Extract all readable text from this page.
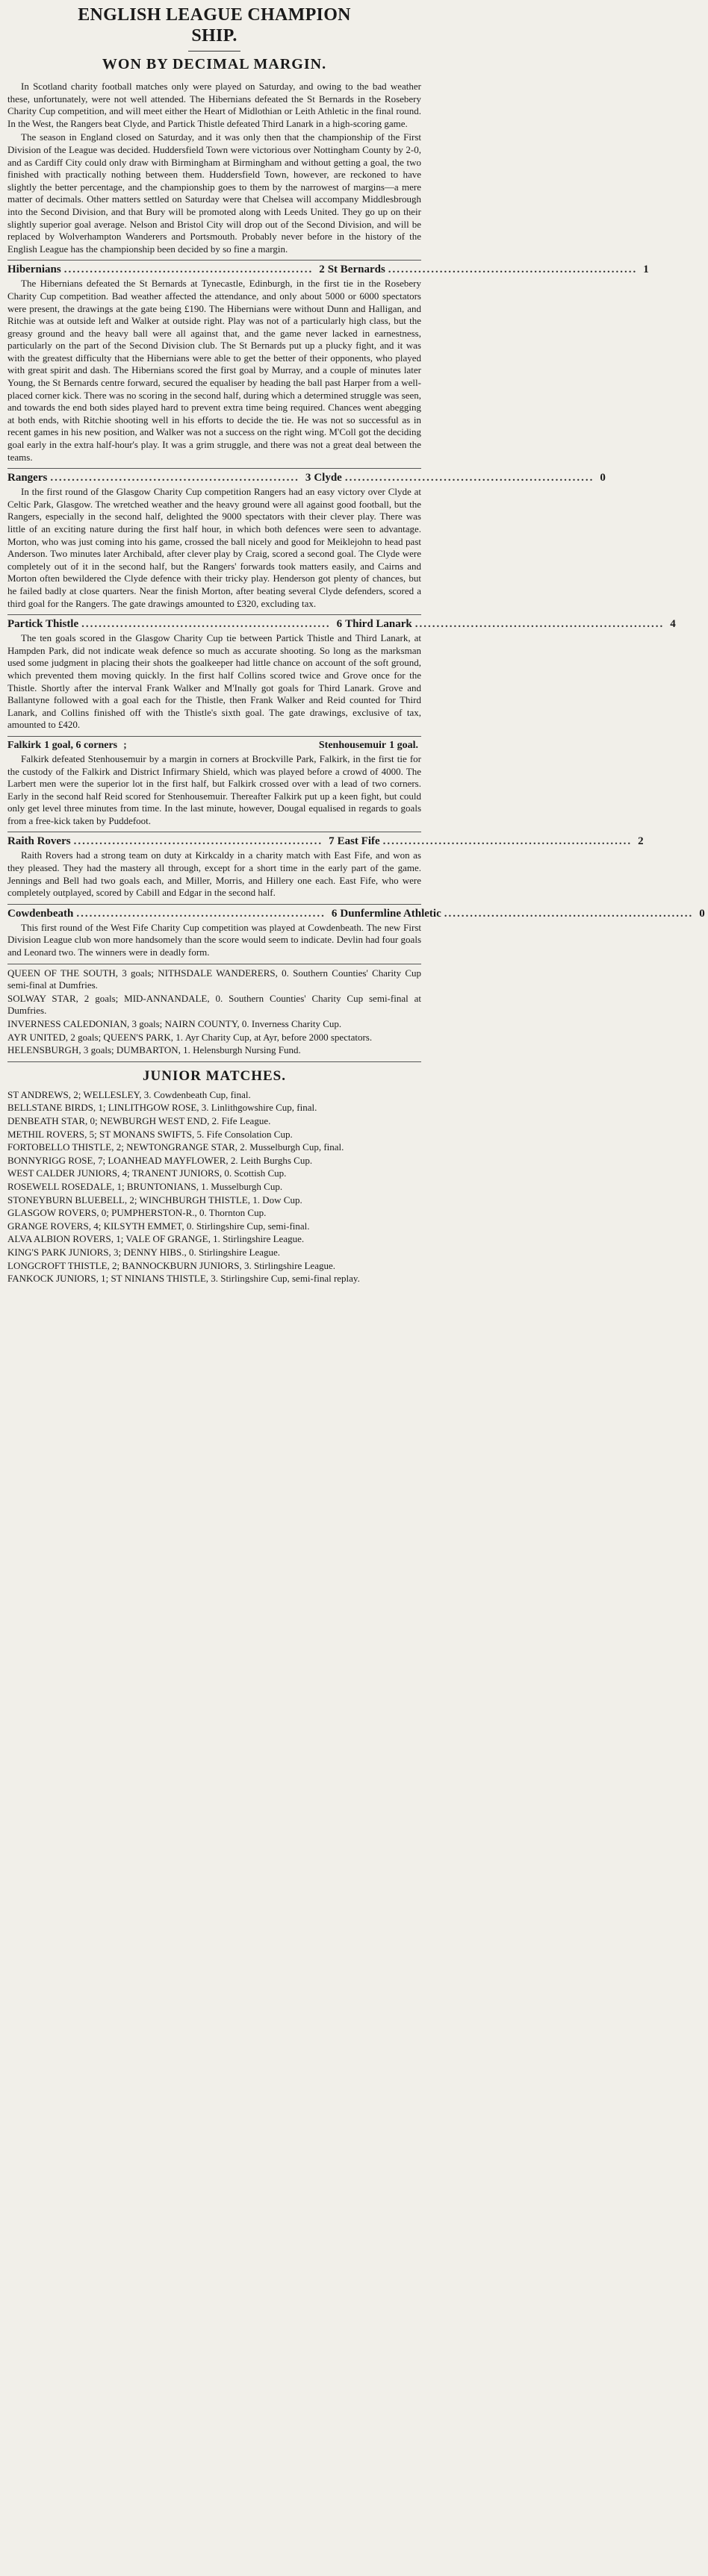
ENGLISH LEAGUE CHAMPION
SHIP.
WON BY DECIMAL MARGIN.

In Scotland charity football matches only were played on Saturday, and owing to the bad weather these, unfortunately, were not well attended. The Hibernians defeated the St Bernards in the Rosebery Charity Cup competition, and will meet either the Heart of Midlothian or Leith Athletic in the final round. In the West, the Rangers beat Clyde, and Partick Thistle defeated Third Lanark in a high-scoring game.

The season in England closed on Saturday, and it was only then that the championship of the First Division of the League was decided. Huddersfield Town were victorious over Nottingham County by 2-0, and as Cardiff City could only draw with Birmingham at Birmingham and without getting a goal, the two finished with practically nothing between them. Huddersfield Town, however, are reckoned to have slightly the better percentage, and the championship goes to them by the narrowest of margins—a mere matter of decimals. Other matters settled on Saturday were that Chelsea will accompany Middlesbrough into the Second Division, and that Bury will be promoted along with Leeds United. They go up on their slightly superior goal average. Nelson and Bristol City will drop out of the Second Division, and will be replaced by Wolverhampton Wanderers and Portsmouth. Probably never before in the history of the English League has the championship been decided by so fine a margin.

Hibernians .......................................................... 2 St Bernards .......................................................... 1

The Hibernians defeated the St Bernards at Tynecastle, Edinburgh, in the first tie in the Rosebery Charity Cup competition. Bad weather affected the attendance, and only about 5000 or 6000 spectators were present, the drawings at the gate being £190. The Hibernians were without Dunn and Halligan, and Ritchie was at outside left and Walker at outside right. Play was not of a particularly high class, but the greasy ground and the heavy ball were all against that, and the game never lacked in earnestness, particularly on the part of the Second Division club. The St Bernards put up a plucky fight, and it was with the greatest difficulty that the Hibernians were able to get the better of their opponents, who played with great spirit and dash. The Hibernians scored the first goal by Murray, and a couple of minutes later Young, the St Bernards centre forward, secured the equaliser by heading the ball past Harper from a well-placed corner kick. There was no scoring in the second half, during which a determined struggle was seen, and towards the end both sides played hard to prevent extra time being required. Chances went abegging at both ends, with Ritchie shooting well in his efforts to decide the tie. He was not so successful as in recent games in his new position, and Walker was not a success on the right wing. M'Coll got the deciding goal early in the extra half-hour's play. It was a grim struggle, and there was not a great deal between the teams.

Rangers .......................................................... 3 Clyde .......................................................... 0

In the first round of the Glasgow Charity Cup competition Rangers had an easy victory over Clyde at Celtic Park, Glasgow. The wretched weather and the heavy ground were all against good football, but the Rangers, especially in the second half, delighted the 9000 spectators with their clever play. There was little of an exciting nature during the first half hour, in which both defences were seen to advantage. Morton, who was just coming into his game, crossed the ball nicely and good for Meiklejohn to head past Anderson. Two minutes later Archibald, after clever play by Craig, scored a second goal. The Clyde were completely out of it in the second half, but the Rangers' forwards took matters easily, and Cairns and Morton often bewildered the Clyde defence with their tricky play. Henderson got plenty of chances, but he failed badly at close quarters. Near the finish Morton, after beating several Clyde defenders, scored a third goal for the Rangers. The gate drawings amounted to £320, excluding tax.

Partick Thistle .......................................................... 6 Third Lanark .......................................................... 4

The ten goals scored in the Glasgow Charity Cup tie between Partick Thistle and Third Lanark, at Hampden Park, did not indicate weak defence so much as accurate shooting. So long as the marksman used some judgment in placing their shots the goalkeeper had little chance on account of the soft ground, which prevented them moving quickly. In the first half Collins scored twice and Grove once for the Thistle. Shortly after the interval Frank Walker and M'Inally got goals for Third Lanark. Grove and Ballantyne followed with a goal each for the Thistle, then Frank Walker and Reid counted for Third Lanark, and Collins finished off with the Thistle's sixth goal. The gate drawings, exclusive of tax, amounted to £420.

Falkirk 1 goal, 6 corners ;	Stenhousemuir 1 goal.

Falkirk defeated Stenhousemuir by a margin in corners at Brockville Park, Falkirk, in the first tie for the custody of the Falkirk and District Infirmary Shield, which was played before a crowd of 4000. The Larbert men were the superior lot in the first half, but Falkirk crossed over with a lead of two corners. Early in the second half Reid scored for Stenhousemuir. Thereafter Falkirk put up a keen fight, but could only get level three minutes from time. In the last minute, however, Dougal equalised in regards to goals from a free-kick taken by Puddefoot.

Raith Rovers .......................................................... 7 East Fife .......................................................... 2

Raith Rovers had a strong team on duty at Kirkcaldy in a charity match with East Fife, and won as they pleased. They had the mastery all through, except for a short time in the early part of the game. Jennings and Bell had two goals each, and Miller, Morris, and Hillery one each. East Fife, who were completely outplayed, scored by Cabill and Edgar in the second half.

Cowdenbeath .......................................................... 6 Dunfermline Athletic .......................................................... 0

This first round of the West Fife Charity Cup competition was played at Cowdenbeath. The new First Division League club won more handsomely than the score would seem to indicate. Devlin had four goals and Leonard two. The winners were in deadly form.

QUEEN OF THE SOUTH, 3 goals; NITHSDALE WANDERERS, 0. Southern Counties' Charity Cup semi-final at Dumfries.

SOLWAY STAR, 2 goals; MID-ANNANDALE, 0. Southern Counties' Charity Cup semi-final at Dumfries.

INVERNESS CALEDONIAN, 3 goals; NAIRN COUNTY, 0. Inverness Charity Cup.

AYR UNITED, 2 goals; QUEEN'S PARK, 1. Ayr Charity Cup, at Ayr, before 2000 spectators.

HELENSBURGH, 3 goals; DUMBARTON, 1. Helensburgh Nursing Fund.

JUNIOR MATCHES.

ST ANDREWS, 2; WELLESLEY, 3. Cowdenbeath Cup, final.

BELLSTANE BIRDS, 1; LINLITHGOW ROSE, 3. Linlithgowshire Cup, final.

DENBEATH STAR, 0; NEWBURGH WEST END, 2. Fife League.

METHIL ROVERS, 5; ST MONANS SWIFTS, 5. Fife Consolation Cup.

FORTOBELLO THISTLE, 2; NEWTONGRANGE STAR, 2. Musselburgh Cup, final.

BONNYRIGG ROSE, 7; LOANHEAD MAYFLOWER, 2. Leith Burghs Cup.

WEST CALDER JUNIORS, 4; TRANENT JUNIORS, 0. Scottish Cup.

ROSEWELL ROSEDALE, 1; BRUNTONIANS, 1. Musselburgh Cup.

STONEYBURN BLUEBELL, 2; WINCHBURGH THISTLE, 1. Dow Cup.

GLASGOW ROVERS, 0; PUMPHERSTON-R., 0. Thornton Cup.

GRANGE ROVERS, 4; KILSYTH EMMET, 0. Stirlingshire Cup, semi-final.

ALVA ALBION ROVERS, 1; VALE OF GRANGE, 1. Stirlingshire League.

KING'S PARK JUNIORS, 3; DENNY HIBS., 0. Stirlingshire League.

LONGCROFT THISTLE, 2; BANNOCKBURN JUNIORS, 3. Stirlingshire League.

FANKOCK JUNIORS, 1; ST NINIANS THISTLE, 3. Stirlingshire Cup, semi-final replay.
